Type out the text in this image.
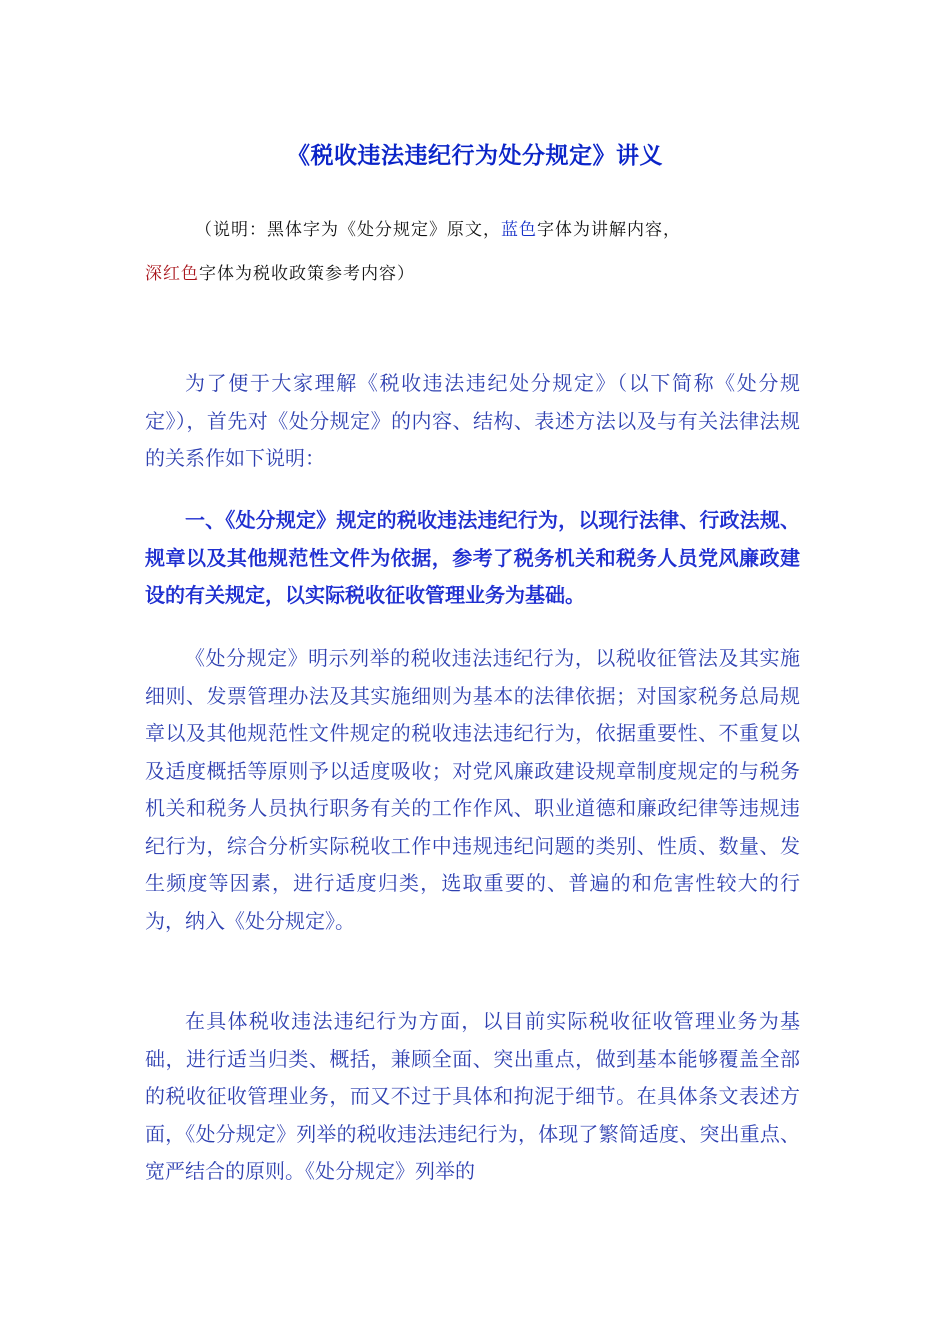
《税收违法违纪行为处分规定》讲义
（说明：黑体字为《处分规定》原文，蓝色字体为讲解内容，
深红色字体为税收政策参考内容）
为了便于大家理解《税收违法违纪处分规定》（以下简称《处分规定》），首先对《处分规定》的内容、结构、表述方法以及与有关法律法规的关系作如下说明：
一、《处分规定》规定的税收违法违纪行为，以现行法律、行政法规、规章以及其他规范性文件为依据，参考了税务机关和税务人员党风廉政建设的有关规定，以实际税收征收管理业务为基础。
《处分规定》明示列举的税收违法违纪行为，以税收征管法及其实施细则、发票管理办法及其实施细则为基本的法律依据；对国家税务总局规章以及其他规范性文件规定的税收违法违纪行为，依据重要性、不重复以及适度概括等原则予以适度吸收；对党风廉政建设规章制度规定的与税务机关和税务人员执行职务有关的工作作风、职业道德和廉政纪律等违规违纪行为，综合分析实际税收工作中违规违纪问题的类别、性质、数量、发生频度等因素，进行适度归类，选取重要的、普遍的和危害性较大的行为，纳入《处分规定》。
在具体税收违法违纪行为方面，以目前实际税收征收管理业务为基础，进行适当归类、概括，兼顾全面、突出重点，做到基本能够覆盖全部的税收征收管理业务，而又不过于具体和拘泥于细节。在具体条文表述方面，《处分规定》列举的税收违法违纪行为，体现了繁简适度、突出重点、宽严结合的原则。《处分规定》列举的
